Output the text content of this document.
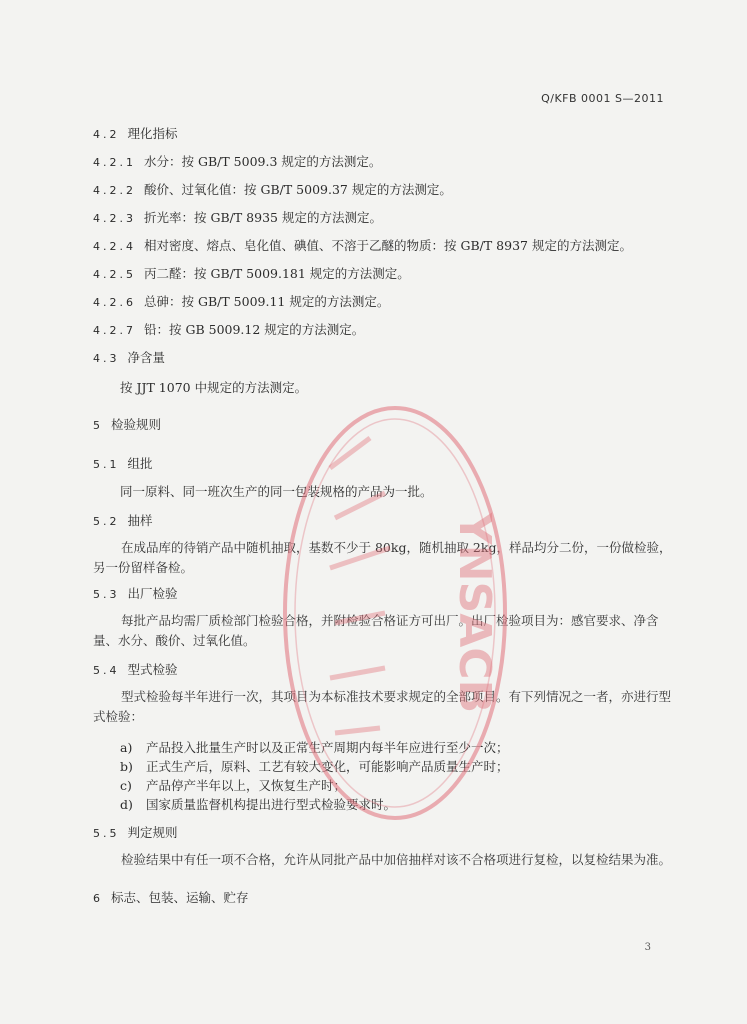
Q/KFB 0001 S—2011
4.2 理化指标
4.2.1 水分：按 GB/T 5009.3 规定的方法测定。
4.2.2 酸价、过氧化值：按 GB/T 5009.37 规定的方法测定。
4.2.3 折光率：按 GB/T 8935 规定的方法测定。
4.2.4 相对密度、熔点、皂化值、碘值、不溶于乙醚的物质：按 GB/T 8937 规定的方法测定。
4.2.5 丙二醛：按 GB/T 5009.181 规定的方法测定。
4.2.6 总砷：按 GB/T 5009.11 规定的方法测定。
4.2.7 铅：按 GB 5009.12 规定的方法测定。
4.3 净含量
按 JJT 1070 中规定的方法测定。
5 检验规则
5.1 组批
同一原料、同一班次生产的同一包装规格的产品为一批。
5.2 抽样
在成品库的待销产品中随机抽取，基数不少于 80kg，随机抽取 2kg，样品均分二份，一份做检验，另一份留样备检。
5.3 出厂检验
每批产品均需厂质检部门检验合格，并附检验合格证方可出厂。出厂检验项目为：感官要求、净含量、水分、酸价、过氧化值。
5.4 型式检验
型式检验每半年进行一次，其项目为本标准技术要求规定的全部项目。有下列情况之一者，亦进行型式检验：
a) 产品投入批量生产时以及正常生产周期内每半年应进行至少一次；
b) 正式生产后，原料、工艺有较大变化，可能影响产品质量生产时；
c) 产品停产半年以上，又恢复生产时；
d) 国家质量监督机构提出进行型式检验要求时。
5.5 判定规则
检验结果中有任一项不合格，允许从同批产品中加倍抽样对该不合格项进行复检，以复检结果为准。
6 标志、包装、运输、贮存
YNSACB
3
